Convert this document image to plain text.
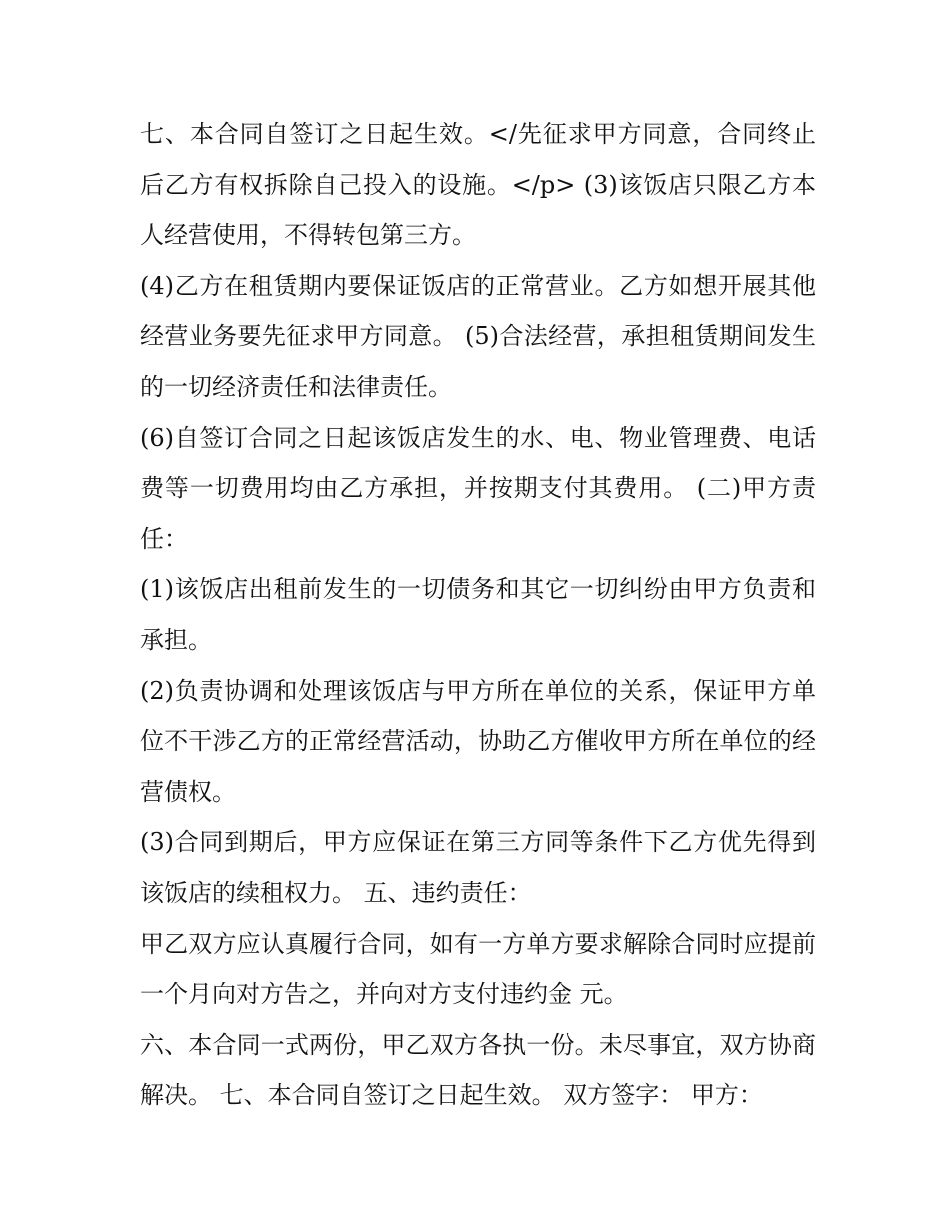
七、本合同自签订之日起生效。</先征求甲方同意，合同终止后乙方有权拆除自己投入的设施。</p> (3)该饭店只限乙方本人经营使用，不得转包第三方。

(4)乙方在租赁期内要保证饭店的正常营业。乙方如想开展其他经营业务要先征求甲方同意。 (5)合法经营，承担租赁期间发生的一切经济责任和法律责任。

(6)自签订合同之日起该饭店发生的水、电、物业管理费、电话费等一切费用均由乙方承担，并按期支付其费用。 (二)甲方责任：

(1)该饭店出租前发生的一切债务和其它一切纠纷由甲方负责和承担。

(2)负责协调和处理该饭店与甲方所在单位的关系，保证甲方单位不干涉乙方的正常经营活动，协助乙方催收甲方所在单位的经营债权。

(3)合同到期后，甲方应保证在第三方同等条件下乙方优先得到该饭店的续租权力。 五、违约责任：

甲乙双方应认真履行合同，如有一方单方要求解除合同时应提前一个月向对方告之，并向对方支付违约金 元。

六、本合同一式两份，甲乙双方各执一份。未尽事宜，双方协商解决。 七、本合同自签订之日起生效。 双方签字： 甲方：
